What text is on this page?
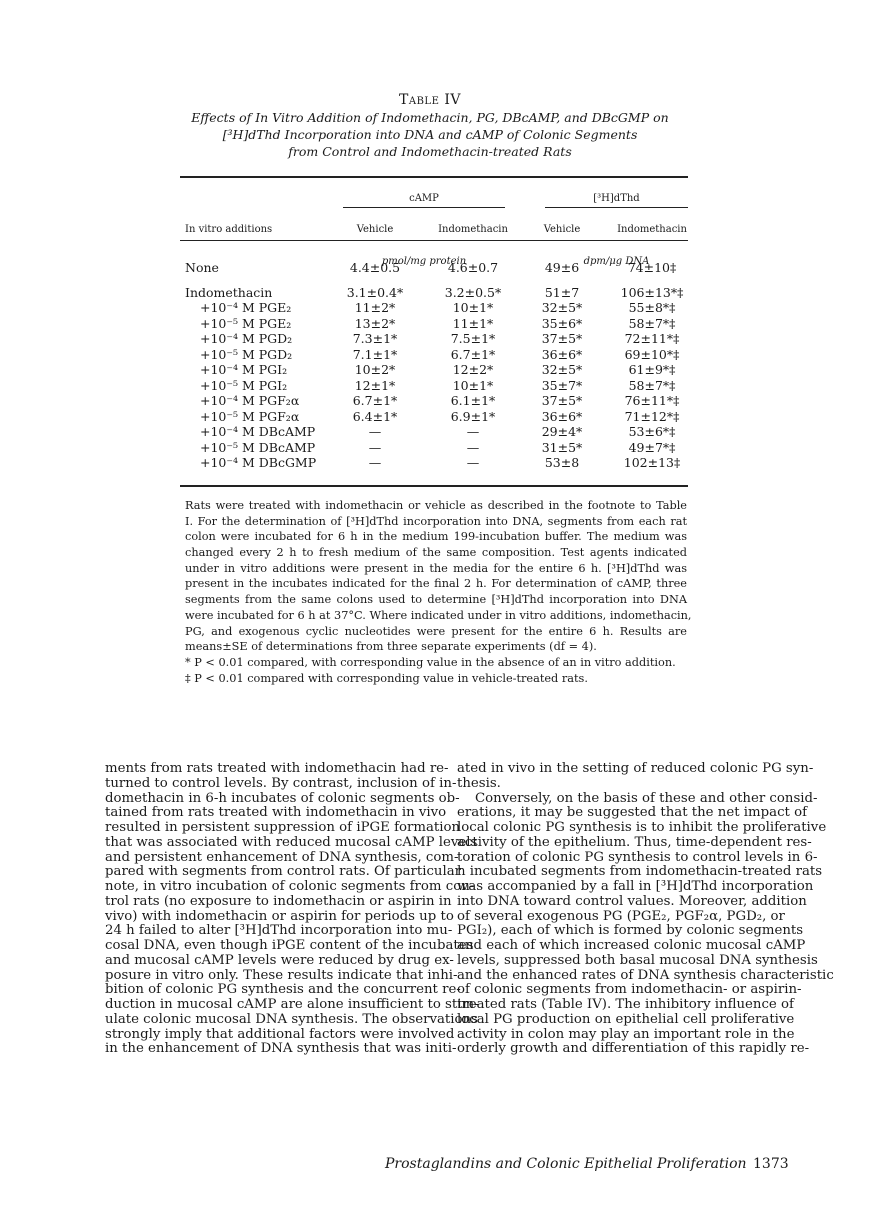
Table IV
Effects of In Vitro Addition of Indomethacin, PG, DBcAMP, and DBcGMP on
[³H]dThd Incorporation into DNA and cAMP of Colonic Segments
from Control and Indomethacin-treated Rats
cAMP	[³H]dThd
In vitro additions	Vehicle	Indomethacin	Vehicle	Indomethacin
pmol/mg protein	dpm/μg DNA
None	4.4±0.5	4.6±0.7	49±6	74±10‡
Indomethacin	3.1±0.4*	3.2±0.5*	51±7	106±13*‡
+10⁻⁴ M PGE₂	11±2*	10±1*	32±5*	55±8*‡
+10⁻⁵ M PGE₂	13±2*	11±1*	35±6*	58±7*‡
+10⁻⁴ M PGD₂	7.3±1*	7.5±1*	37±5*	72±11*‡
+10⁻⁵ M PGD₂	7.1±1*	6.7±1*	36±6*	69±10*‡
+10⁻⁴ M PGI₂	10±2*	12±2*	32±5*	61±9*‡
+10⁻⁵ M PGI₂	12±1*	10±1*	35±7*	58±7*‡
+10⁻⁴ M PGF₂α	6.7±1*	6.1±1*	37±5*	76±11*‡
+10⁻⁵ M PGF₂α	6.4±1*	6.9±1*	36±6*	71±12*‡
+10⁻⁴ M DBcAMP	—	—	29±4*	53±6*‡
+10⁻⁵ M DBcAMP	—	—	31±5*	49±7*‡
+10⁻⁴ M DBcGMP	—	—	53±8	102±13‡
Rats were treated with indomethacin or vehicle as described in the footnote to Table
I. For the determination of [³H]dThd incorporation into DNA, segments from each rat
colon were incubated for 6 h in the medium 199-incubation buffer. The medium was
changed every 2 h to fresh medium of the same composition. Test agents indicated
under in vitro additions were present in the media for the entire 6 h. [³H]dThd was
present in the incubates indicated for the final 2 h. For determination of cAMP, three
segments from the same colons used to determine [³H]dThd incorporation into DNA
were incubated for 6 h at 37°C. Where indicated under in vitro additions, indomethacin,
PG, and exogenous cyclic nucleotides were present for the entire 6 h. Results are
means±SE of determinations from three separate experiments (df = 4).
* P < 0.01 compared, with corresponding value in the absence of an in vitro addition.
‡ P < 0.01 compared with corresponding value in vehicle-treated rats.
ments from rats treated with indomethacin had re-
turned to control levels. By contrast, inclusion of in-
domethacin in 6-h incubates of colonic segments ob-
tained from rats treated with indomethacin in vivo
resulted in persistent suppression of iPGE formation
that was associated with reduced mucosal cAMP levels
and persistent enhancement of DNA synthesis, com-
pared with segments from control rats. Of particular
note, in vitro incubation of colonic segments from con-
trol rats (no exposure to indomethacin or aspirin in
vivo) with indomethacin or aspirin for periods up to
24 h failed to alter [³H]dThd incorporation into mu-
cosal DNA, even though iPGE content of the incubates
and mucosal cAMP levels were reduced by drug ex-
posure in vitro only. These results indicate that inhi-
bition of colonic PG synthesis and the concurrent re-
duction in mucosal cAMP are alone insufficient to stim-
ulate colonic mucosal DNA synthesis. The observations
strongly imply that additional factors were involved
in the enhancement of DNA synthesis that was initi-
ated in vivo in the setting of reduced colonic PG syn-
thesis.
Conversely, on the basis of these and other consid-
erations, it may be suggested that the net impact of
local colonic PG synthesis is to inhibit the proliferative
activity of the epithelium. Thus, time-dependent res-
toration of colonic PG synthesis to control levels in 6-
h incubated segments from indomethacin-treated rats
was accompanied by a fall in [³H]dThd incorporation
into DNA toward control values. Moreover, addition
of several exogenous PG (PGE₂, PGF₂α, PGD₂, or
PGI₂), each of which is formed by colonic segments
and each of which increased colonic mucosal cAMP
levels, suppressed both basal mucosal DNA synthesis
and the enhanced rates of DNA synthesis characteristic
of colonic segments from indomethacin- or aspirin-
treated rats (Table IV). The inhibitory influence of
local PG production on epithelial cell proliferative
activity in colon may play an important role in the
orderly growth and differentiation of this rapidly re-
Prostaglandins and Colonic Epithelial Proliferation 1373
